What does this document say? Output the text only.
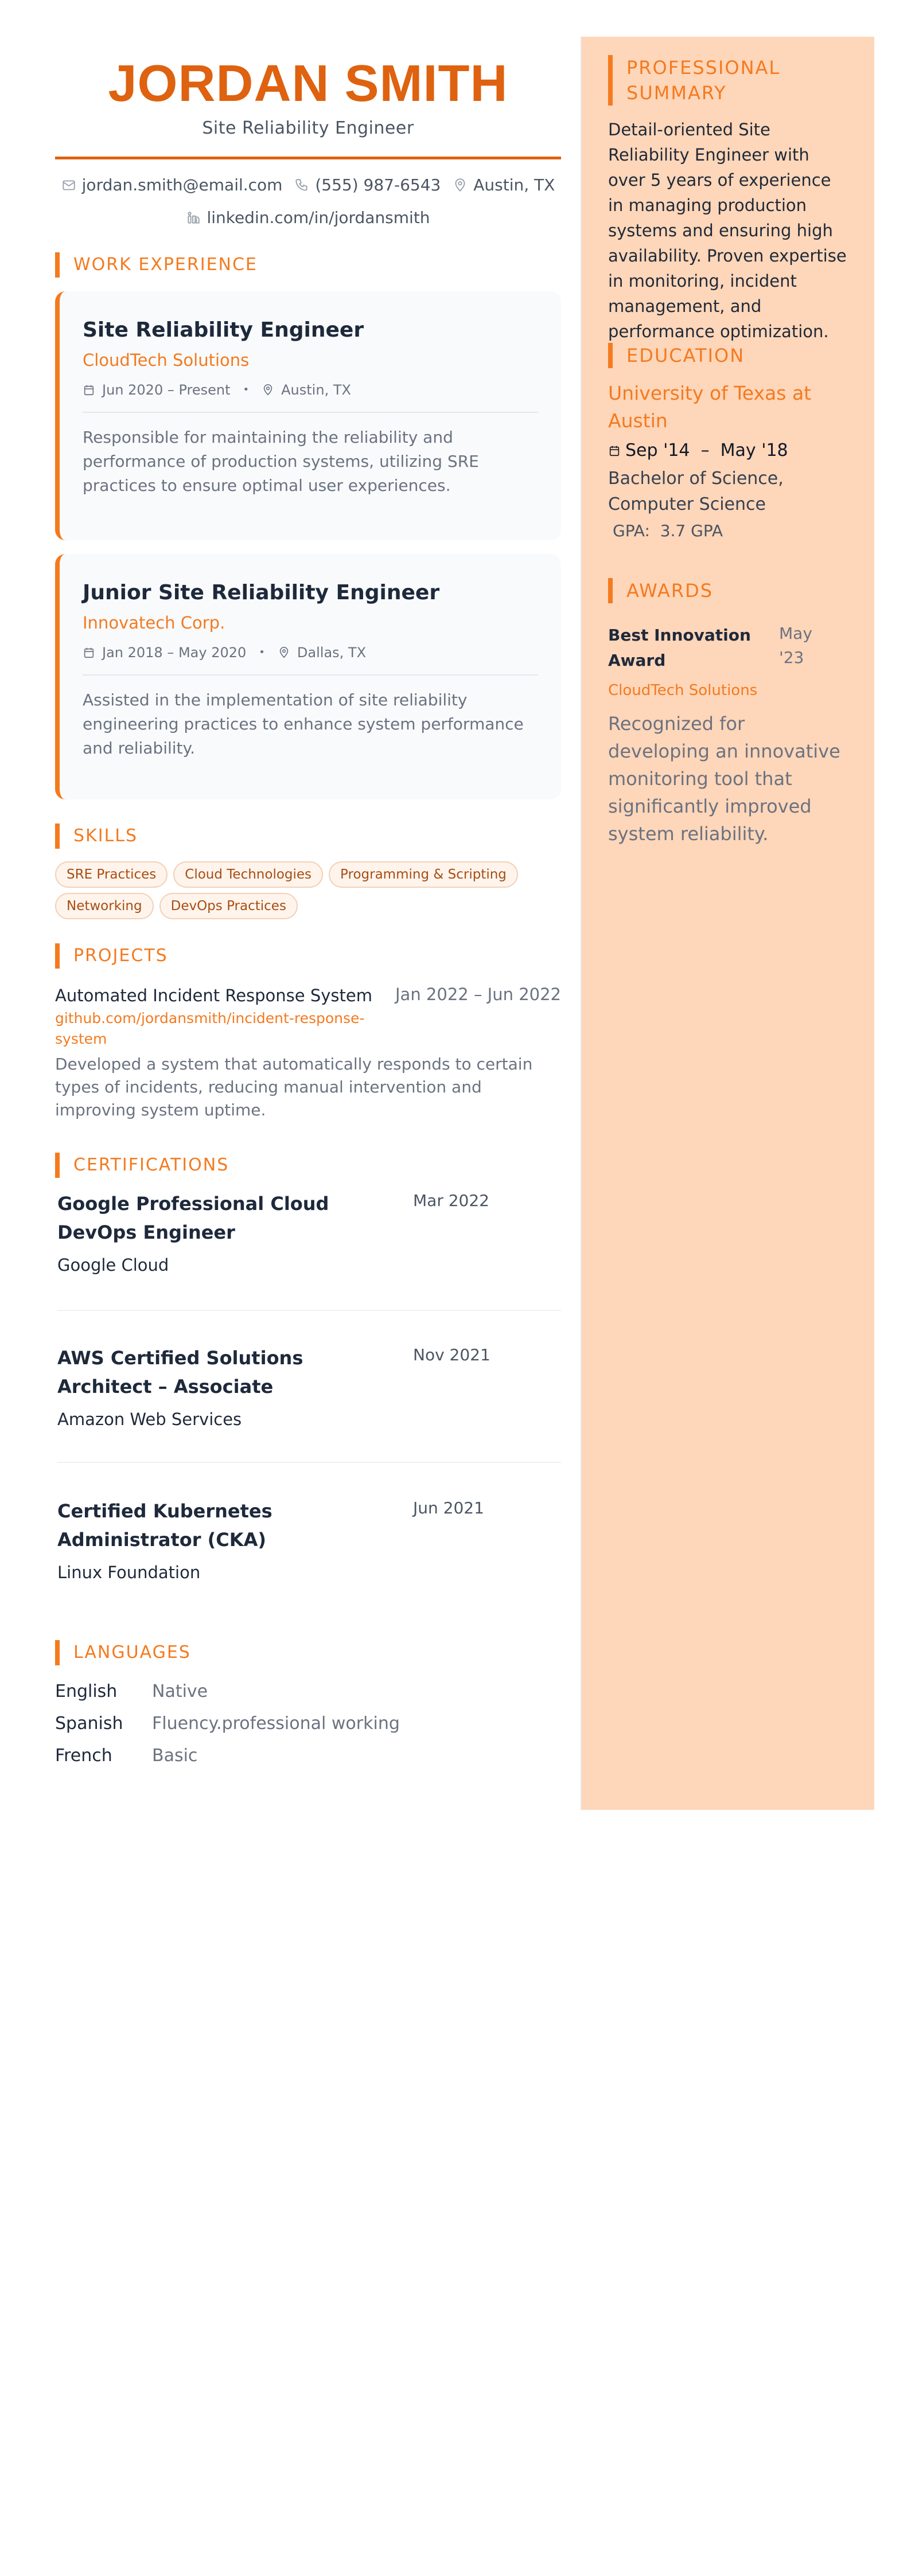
JORDAN SMITH
Site Reliability Engineer
jordan.smith@email.com
(555) 987-6543
Austin, TX
linkedin.com/in/jordansmith
WORK EXPERIENCE
Site Reliability Engineer
CloudTech Solutions
Jun 2020 – Present • Austin, TX
Responsible for maintaining the reliability and performance of production systems, utilizing SRE practices to ensure optimal user experiences.
Junior Site Reliability Engineer
Innovatech Corp.
Jan 2018 – May 2020 • Dallas, TX
Assisted in the implementation of site reliability engineering practices to enhance system performance and reliability.
SKILLS
SRE Practices	Cloud Technologies	Programming & Scripting
Networking	DevOps Practices
PROJECTS
Automated Incident Response System Jan 2022 – Jun 2022
github.com/jordansmith/incident-response-system
Developed a system that automatically responds to certain types of incidents, reducing manual intervention and improving system uptime.
CERTIFICATIONS
Google Professional Cloud DevOps Engineer
Mar 2022
Google Cloud
AWS Certified Solutions Architect – Associate
Nov 2021
Amazon Web Services
Certified Kubernetes Administrator (CKA)
Jun 2021
Linux Foundation
LANGUAGES
English	Native
Spanish	Fluency.professional working
French	Basic
PROFESSIONAL SUMMARY
Detail-oriented Site Reliability Engineer with over 5 years of experience in managing production systems and ensuring high availability. Proven expertise in monitoring, incident management, and performance optimization.
EDUCATION
University of Texas at Austin
Sep '14  –  May '18
Bachelor of Science, Computer Science
GPA:  3.7 GPA
AWARDS
Best Innovation Award
May '23
CloudTech Solutions
Recognized for developing an innovative monitoring tool that significantly improved system reliability.
